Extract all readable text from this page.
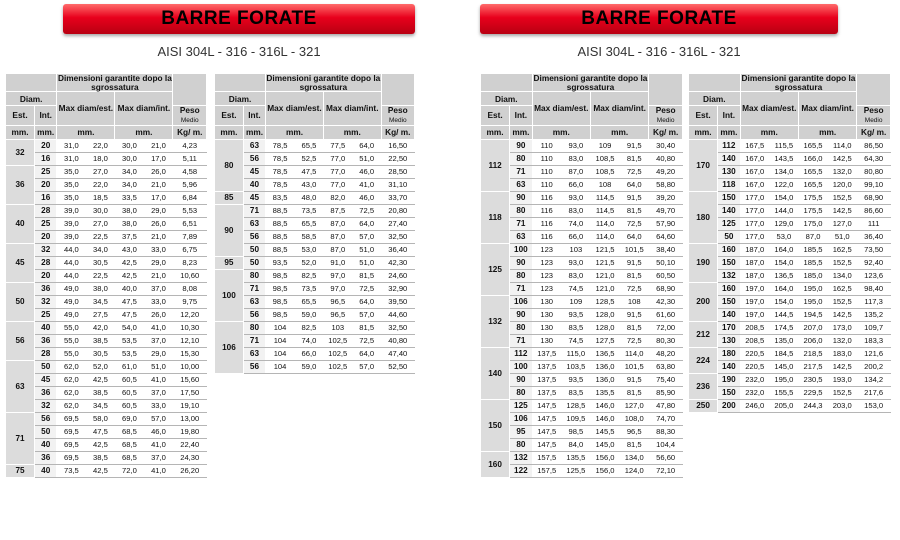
BARRE FORATE
AISI 304L - 316 - 316L - 321
		Dimensioni garantite dopo la sgrossatura				
Diam.		Max diam/est.		Max diam/int.		
Est.	Int.					Peso
Medio
mm.	mm.	mm.		mm.		Kg/ m.
32	20	31,0	22,0	30,0	21,0	4,23
	16	31,0	18,0	30,0	17,0	5,11
36	25	35,0	27,0	34,0	26,0	4,58
	20	35,0	22,0	34,0	21,0	5,96
	16	35,0	18,5	33,5	17,0	6,84
40	28	39,0	30,0	38,0	29,0	5,53
	25	39,0	27,0	38,0	26,0	6,51
	20	39,0	22,5	37,5	21,0	7,89
45	32	44,0	34,0	43,0	33,0	6,75
	28	44,0	30,5	42,5	29,0	8,23
	20	44,0	22,5	42,5	21,0	10,60
50	36	49,0	38,0	40,0	37,0	8,08
	32	49,0	34,5	47,5	33,0	9,75
	25	49,0	27,5	47,5	26,0	12,20
56	40	55,0	42,0	54,0	41,0	10,30
	36	55,0	38,5	53,5	37,0	12,10
	28	55,0	30,5	53,5	29,0	15,30
63	50	62,0	52,0	61,0	51,0	10,00
	45	62,0	42,5	60,5	41,0	15,60
	36	62,0	38,5	60,5	37,0	17,50
	32	62,0	34,5	60,5	33,0	19,10
71	56	69,5	58,0	69,0	57,0	13,00
	50	69,5	47,5	68,5	46,0	19,80
	40	69,5	42,5	68,5	41,0	22,40
	36	69,5	38,5	68,5	37,0	24,30
75	40	73,5	42,5	72,0	41,0	26,20
		Dimensioni garantite dopo la sgrossatura				
Diam.		Max diam/est.		Max diam/int.		
Est.	Int.					Peso
Medio
mm.	mm.	mm.		mm.		Kg/ m.
80	63	78,5	65,5	77,5	64,0	16,50
	56	78,5	52,5	77,0	51,0	22,50
	45	78,5	47,5	77,0	46,0	28,50
	40	78,5	43,0	77,0	41,0	31,10
85	45	83,5	48,0	82,0	46,0	33,70
90	71	88,5	73,5	87,5	72,5	20,80
	63	88,5	65,5	87,0	64,0	27,40
	56	88,5	58,5	87,0	57,0	32,50
	50	88,5	53,0	87,0	51,0	36,40
95	50	93,5	52,0	91,0	51,0	42,30
100	80	98,5	82,5	97,0	81,5	24,60
	71	98,5	73,5	97,0	72,5	32,90
	63	98,5	65,5	96,5	64,0	39,50
	56	98,5	59,0	96,5	57,0	44,60
106	80	104	82,5	103	81,5	32,50
	71	104	74,0	102,5	72,5	40,80
	63	104	66,0	102,5	64,0	47,40
	56	104	59,0	102,5	57,0	52,50
BARRE FORATE
AISI 304L - 316 - 316L - 321
		Dimensioni garantite dopo la sgrossatura				
Diam.		Max diam/est.		Max diam/int.		
Est.	Int.					Peso
Medio
mm.	mm.	mm.		mm.		Kg/ m.
112	90	110	93,0	109	91,5	30,40
	80	110	83,0	108,5	81,5	40,80
	71	110	87,0	108,5	72,5	49,20
	63	110	66,0	108	64,0	58,80
118	90	116	93,0	114,5	91,5	39,20
	80	116	83,0	114,5	81,5	49,70
	71	116	74,0	114,0	72,5	57,90
	63	116	66,0	114,0	64,0	64,60
125	100	123	103	121,5	101,5	38,40
	90	123	93,0	121,5	91,5	50,10
	80	123	83,0	121,0	81,5	60,50
	71	123	74,5	121,0	72,5	68,90
132	106	130	109	128,5	108	42,30
	90	130	93,5	128,0	91,5	61,60
	80	130	83,5	128,0	81,5	72,00
	71	130	74,5	127,5	72,5	80,30
140	112	137,5	115,0	136,5	114,0	48,20
	100	137,5	103,5	136,0	101,5	63,80
	90	137,5	93,5	136,0	91,5	75,40
	80	137,5	83,5	135,5	81,5	85,90
150	125	147,5	128,5	146,0	127,0	47,80
	106	147,5	109,5	146,0	108,0	74,70
	95	147,5	98,5	145,5	96,5	88,30
	80	147,5	84,0	145,0	81,5	104,4
160	132	157,5	135,5	156,0	134,0	56,60
	122	157,5	125,5	156,0	124,0	72,10
		Dimensioni garantite dopo la sgrossatura				
Diam.		Max diam/est.		Max diam/int.		
Est.	Int.					Peso
Medio
mm.	mm.	mm.		mm.		Kg/ m.
170	112	167,5	115,5	165,5	114,0	86,50
	140	167,0	143,5	166,0	142,5	64,30
	130	167,0	134,0	165,5	132,0	80,80
	118	167,0	122,0	165,5	120,0	99,10
180	150	177,0	154,0	175,5	152,5	68,90
	140	177,0	144,0	175,5	142,5	86,60
	125	177,0	129,0	175,0	127,0	111
	50	177,0	53,0	87,0	51,0	36,40
190	160	187,0	164,0	185,5	162,5	73,50
	150	187,0	154,0	185,5	152,5	92,40
	132	187,0	136,5	185,0	134,0	123,6
200	160	197,0	164,0	195,0	162,5	98,40
	150	197,0	154,0	195,0	152,5	117,3
	140	197,0	144,5	194,5	142,5	135,2
212	170	208,5	174,5	207,0	173,0	109,7
	130	208,5	135,0	206,0	132,0	183,3
224	180	220,5	184,5	218,5	183,0	121,6
	140	220,5	145,0	217,5	142,5	200,2
236	190	232,0	195,0	230,5	193,0	134,2
	150	232,0	155,5	229,5	152,5	217,6
250	200	246,0	205,0	244,3	203,0	153,0
